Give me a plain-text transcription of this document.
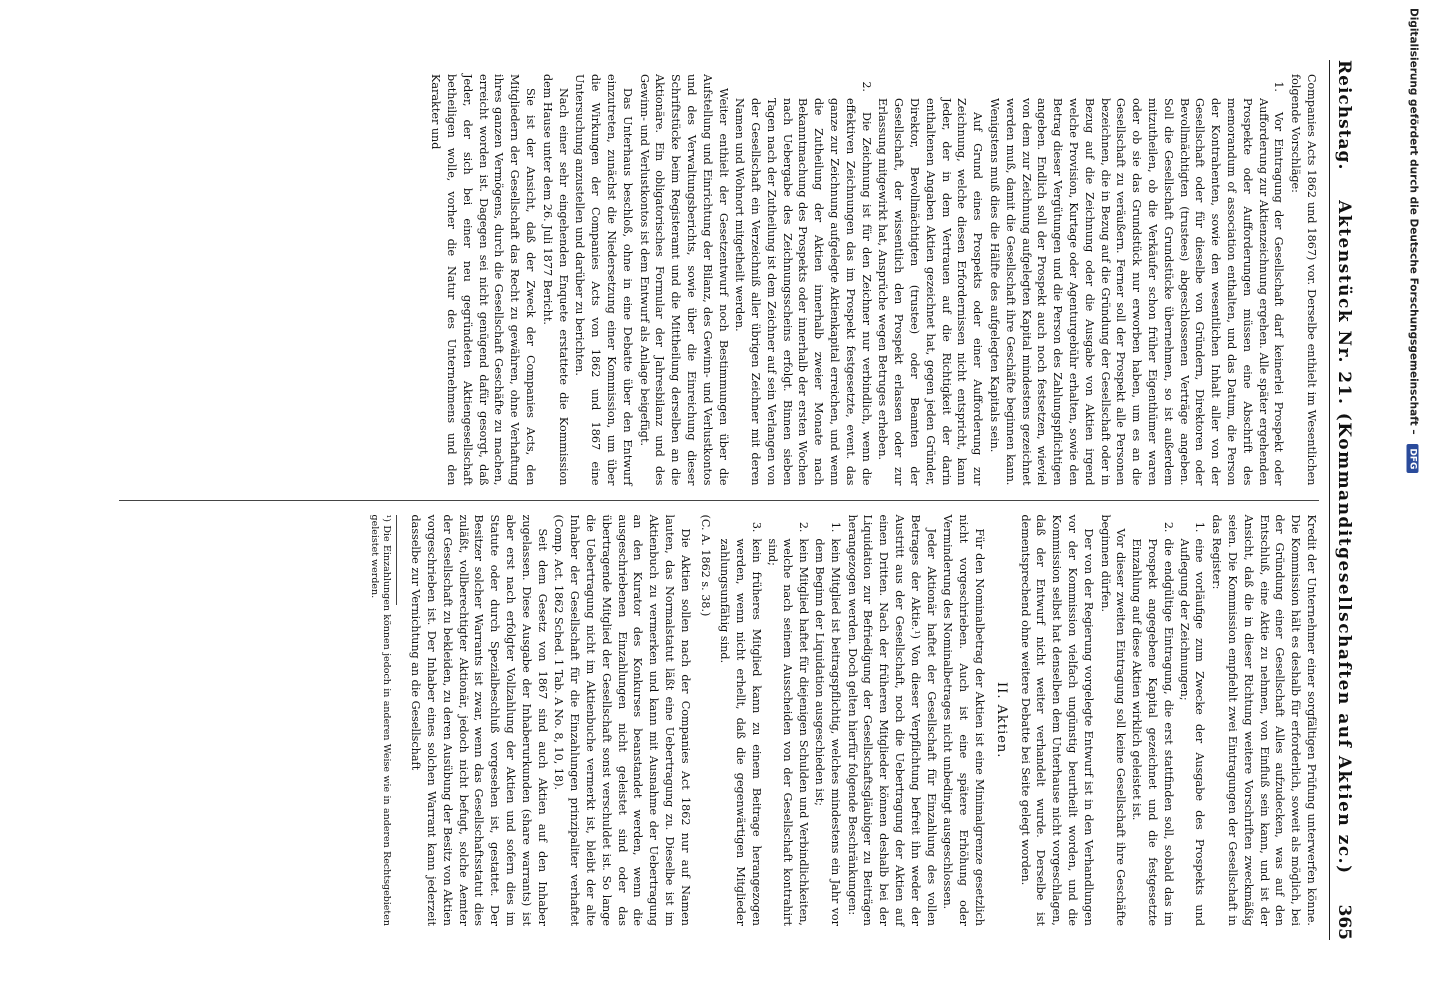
Reichstag.
Aktenstück Nr. 21. (Kommanditgesellschaften auf Aktien zc.)
365

Companies Acts 1862 und 1867) vor. Derselbe enthielt im Wesentlichen folgende Vorschläge:

1.

Vor Eintragung der Gesellschaft darf keinerlei Prospekt oder Aufforderung zur Aktienzeichnung ergehen. Alle später ergehenden Prospekte oder Aufforderungen müssen eine Abschrift des memorandum of association enthalten, und das Datum, die Person der Kontrahenten, sowie den wesentlichen Inhalt aller von der Gesellschaft oder für dieselbe von Gründern, Direktoren oder Bevollmächtigten (trustees) abgeschlossenen Verträge angeben. Soll die Gesellschaft Grundstücke übernehmen, so ist außerdem mitzutheilen, ob die Verkäufer schon früher Eigenthümer waren oder ob sie das Grundstück nur erworben haben, um es an die Gesellschaft zu veräußern. Ferner soll der Prospekt alle Personen bezeichnen, die in Bezug auf die Gründung der Gesellschaft oder in Bezug auf die Zeichnung oder die Ausgabe von Aktien irgend welche Provision, Kurtage oder Agenturgebühr erhalten, sowie den Betrag dieser Vergütungen und die Person des Zahlungspflichtigen angeben. Endlich soll der Prospekt auch noch festsetzen, wieviel von dem zur Zeichnung aufgelegten Kapital mindestens gezeichnet werden muß, damit die Gesellschaft ihre Geschäfte beginnen kann. Wenigstens muß dies die Hälfte des aufgelegten Kapitals sein.

Auf Grund eines Prospekts oder einer Aufforderung zur Zeichnung, welche diesen Erfordernissen nicht entspricht, kann Jeder, der in dem Vertrauen auf die Richtigkeit der darin enthaltenen Angaben Aktien gezeichnet hat, gegen jeden Gründer, Direktor, Bevollmächtigten (trustee) oder Beamten der Gesellschaft, der wissentlich den Prospekt erlassen oder zur Erlassung mitgewirkt hat, Ansprüche wegen Betruges erheben.

2.

Die Zeichnung ist für den Zeichner nur verbindlich, wenn die effektiven Zeichnungen das im Prospekt festgesetzte, event. das ganze zur Zeichnung aufgelegte Aktienkapital erreichen, und wenn die Zutheilung der Aktien innerhalb zweier Monate nach Bekanntmachung des Prospekts oder innerhalb der ersten Wochen nach Uebergabe des Zeichnungsscheins erfolgt. Binnen sieben Tagen nach der Zutheilung ist dem Zeichner auf sein Verlangen von der Gesellschaft ein Verzeichniß aller übrigen Zeichner mit deren Namen und Wohnort mitgetheilt werden.

Weiter enthielt der Gesetzentwurf noch Bestimmungen über die Aufstellung und Einrichtung der Bilanz, des Gewinn- und Verlustkontos und des Verwaltungsberichts, sowie über die Einreichung dieser Schriftstücke beim Registeramt und die Mittheilung derselben an die Aktionäre. Ein obligatorisches Formular der Jahresbilanz und des Gewinn- und Verlustkontos ist dem Entwurf als Anlage beigefügt.

Das Unterhaus beschloß, ohne in eine Debatte über den Entwurf einzutreten, zunächst die Niedersetzung einer Kommission, um über die Wirkungen der Companies Acts von 1862 und 1867 eine Untersuchung anzustellen und darüber zu berichten.

Nach einer sehr eingehenden Enquete erstattete die Kommission dem Hause unter dem 26. Juli 1877 Bericht.

Sie ist der Ansicht, daß der Zweck der Companies Acts, den Mitgliedern der Gesellschaft das Recht zu gewähren, ohne Verhaftung ihres ganzen Vermögens, durch die Gesellschaft Geschäfte zu machen, erreicht worden ist. Dagegen sei nicht genügend dafür gesorgt, daß Jeder, der sich bei einer neu gegründeten Aktiengesellschaft betheiligen wolle, vorher die Natur des Unternehmens und den Karakter und

Kredit der Unternehmer einer sorgfältigen Prüfung unterwerfen könne. Die Kommission hält es deshalb für erforderlich, soweit als möglich, bei der Gründung einer Gesellschaft Alles aufzudecken, was auf den Entschluß, eine Aktie zu nehmen, von Einfluß sein kann, und ist der Ansicht, daß die in dieser Richtung weitere Vorschriften zweckmäßig seien. Die Kommission empfiehlt zwei Eintragungen der Gesellschaft in das Register:

1.
eine vorläufige zum Zwecke der Ausgabe des Prospekts und Auflegung der Zeichnungen;
2.
die endgültige Eintragung, die erst stattfinden soll, sobald das im Prospekt angegebene Kapital gezeichnet und die festgesetzte Einzahlung auf diese Aktien wirklich geleistet ist.

Vor dieser zweiten Eintragung soll keine Gesellschaft ihre Geschäfte beginnen dürfen.

Der von der Regierung vorgelegte Entwurf ist in den Verhandlungen vor der Kommission vielfach ungünstig beurtheilt worden, und die Kommission selbst hat denselben dem Unterhause nicht vorgeschlagen, daß der Entwurf nicht weiter verhandelt wurde. Derselbe ist dementsprechend ohne weitere Debatte bei Seite gelegt worden.

II. Aktien.

Für den Nominalbetrag der Aktien ist eine Minimalgrenze gesetzlich nicht vorgeschrieben. Auch ist eine spätere Erhöhung oder Verminderung des Nominalbetrages nicht unbedingt ausgeschlossen.

Jeder Aktionär haftet der Gesellschaft für Einzahlung des vollen Betrages der Aktie.¹) Von dieser Verpflichtung befreit ihn weder der Austritt aus der Gesellschaft, noch die Uebertragung der Aktien auf einen Dritten. Nach der früheren Mitglieder können deshalb bei der Liquidation zur Befriedigung der Gesellschaftsgläubiger zu Beiträgen herangezogen werden. Doch gelten hierfür folgende Beschränkungen:

1.
kein Mitglied ist beitragspflichtig, welches mindestens ein Jahr vor dem Beginn der Liquidation ausgeschieden ist;
2.
kein Mitglied haftet für diejenigen Schulden und Verbindlichkeiten, welche nach seinem Ausscheiden von der Gesellschaft kontrahirt sind;
3.
kein früheres Mitglied kann zu einem Beitrage herangezogen werden, wenn nicht erhellt, daß die gegenwärtigen Mitglieder zahlungsunfähig sind.
(C. A. 1862 s. 38.)

Die Aktien sollen nach der Companies Act 1862 nur auf Namen lauten, das Normalstatut läßt eine Uebertragung zu. Dieselbe ist im Aktienbuch zu vermerken und kann mit Ausnahme der Uebertragung an den Kurator des Konkurses beanstandet werden, wenn die ausgeschriebenen Einzahlungen nicht geleistet sind oder das übertragende Mitglied der Gesellschaft sonst verschuldet ist. So lange die Uebertragung nicht im Aktienbuche vermerkt ist, bleibt der alte Inhaber der Gesellschaft für die Einzahlungen prinzipaliter verhaftet (Comp. Act. 1862 Sched. 1 Tab. A No. 8, 10, 18).

Seit dem Gesetz von 1867 sind auch Aktien auf den Inhaber zugelassen. Diese Ausgabe der Inhaberurkunden (share warrants) ist aber erst nach erfolgter Vollzahlung der Aktien und sofern dies im Statute oder durch Spezialbeschluß vorgesehen ist, gestattet. Der Besitzer solcher Warrants ist zwar, wenn das Gesellschaftsstatut dies zuläßt, vollberechtigter Aktionär, jedoch nicht befugt, solche Aemter der Gesellschaft zu bekleiden, zu deren Ausübung der Besitz von Aktien vorgeschrieben ist. Der Inhaber eines solchen Warrant kann jederzeit dasselbe zur Vernichtung an die Gesellschaft

¹) Die Einzahlungen können jedoch in anderen Weise wie in anderen Rechtsgebieten geleistet werden.
Digitalisierung gefördert durch die Deutsche Forschungsgemeinschaft – DFG
